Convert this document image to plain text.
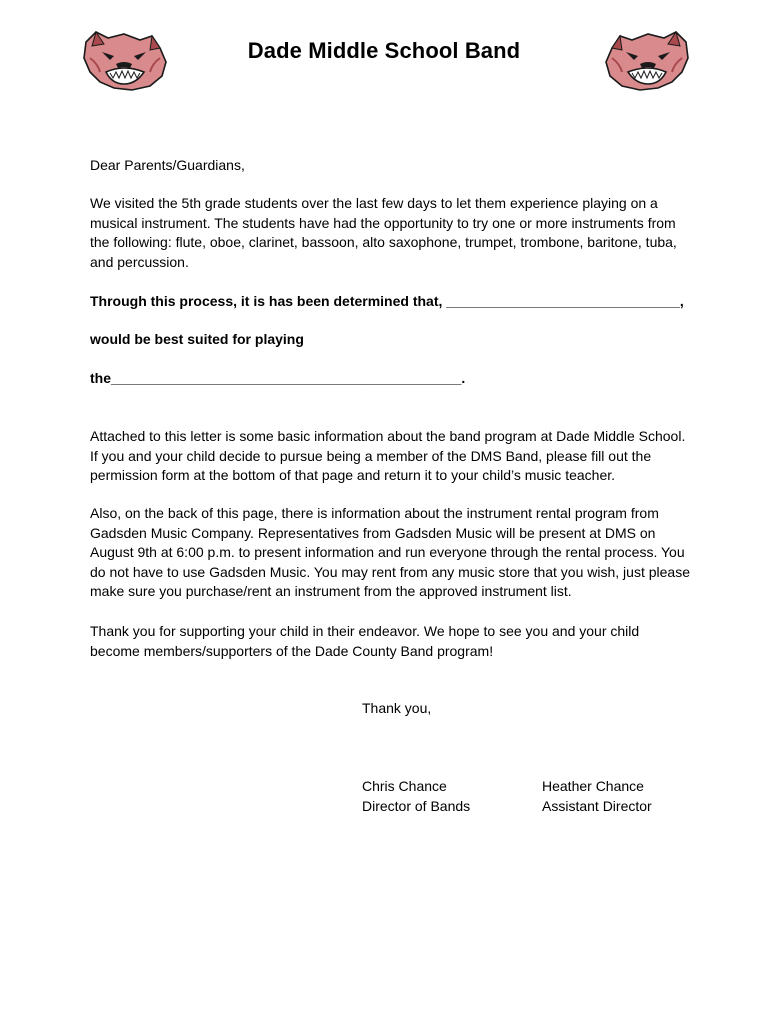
Dade Middle School Band

Dear Parents/Guardians,

We visited the 5th grade students over the last few days to let them experience playing on a musical instrument. The students have had the opportunity to try one or more instruments from the following: flute, oboe, clarinet, bassoon, alto saxophone, trumpet, trombone, baritone, tuba, and percussion.

Through this process, it is has been determined that, ______________________________,

would be best suited for playing

the_____________________________________________.

Attached to this letter is some basic information about the band program at Dade Middle School. If you and your child decide to pursue being a member of the DMS Band, please fill out the permission form at the bottom of that page and return it to your child’s music teacher.

Also, on the back of this page, there is information about the instrument rental program from Gadsden Music Company. Representatives from Gadsden Music will be present at DMS on August 9th at 6:00 p.m. to present information and run everyone through the rental process. You do not have to use Gadsden Music. You may rent from any music store that you wish, just please make sure you purchase/rent an instrument from the approved instrument list.

Thank you for supporting your child in their endeavor. We hope to see you and your child become members/supporters of the Dade County Band program!

Thank you,
Chris Chance
Director of Bands
Heather Chance
Assistant Director
